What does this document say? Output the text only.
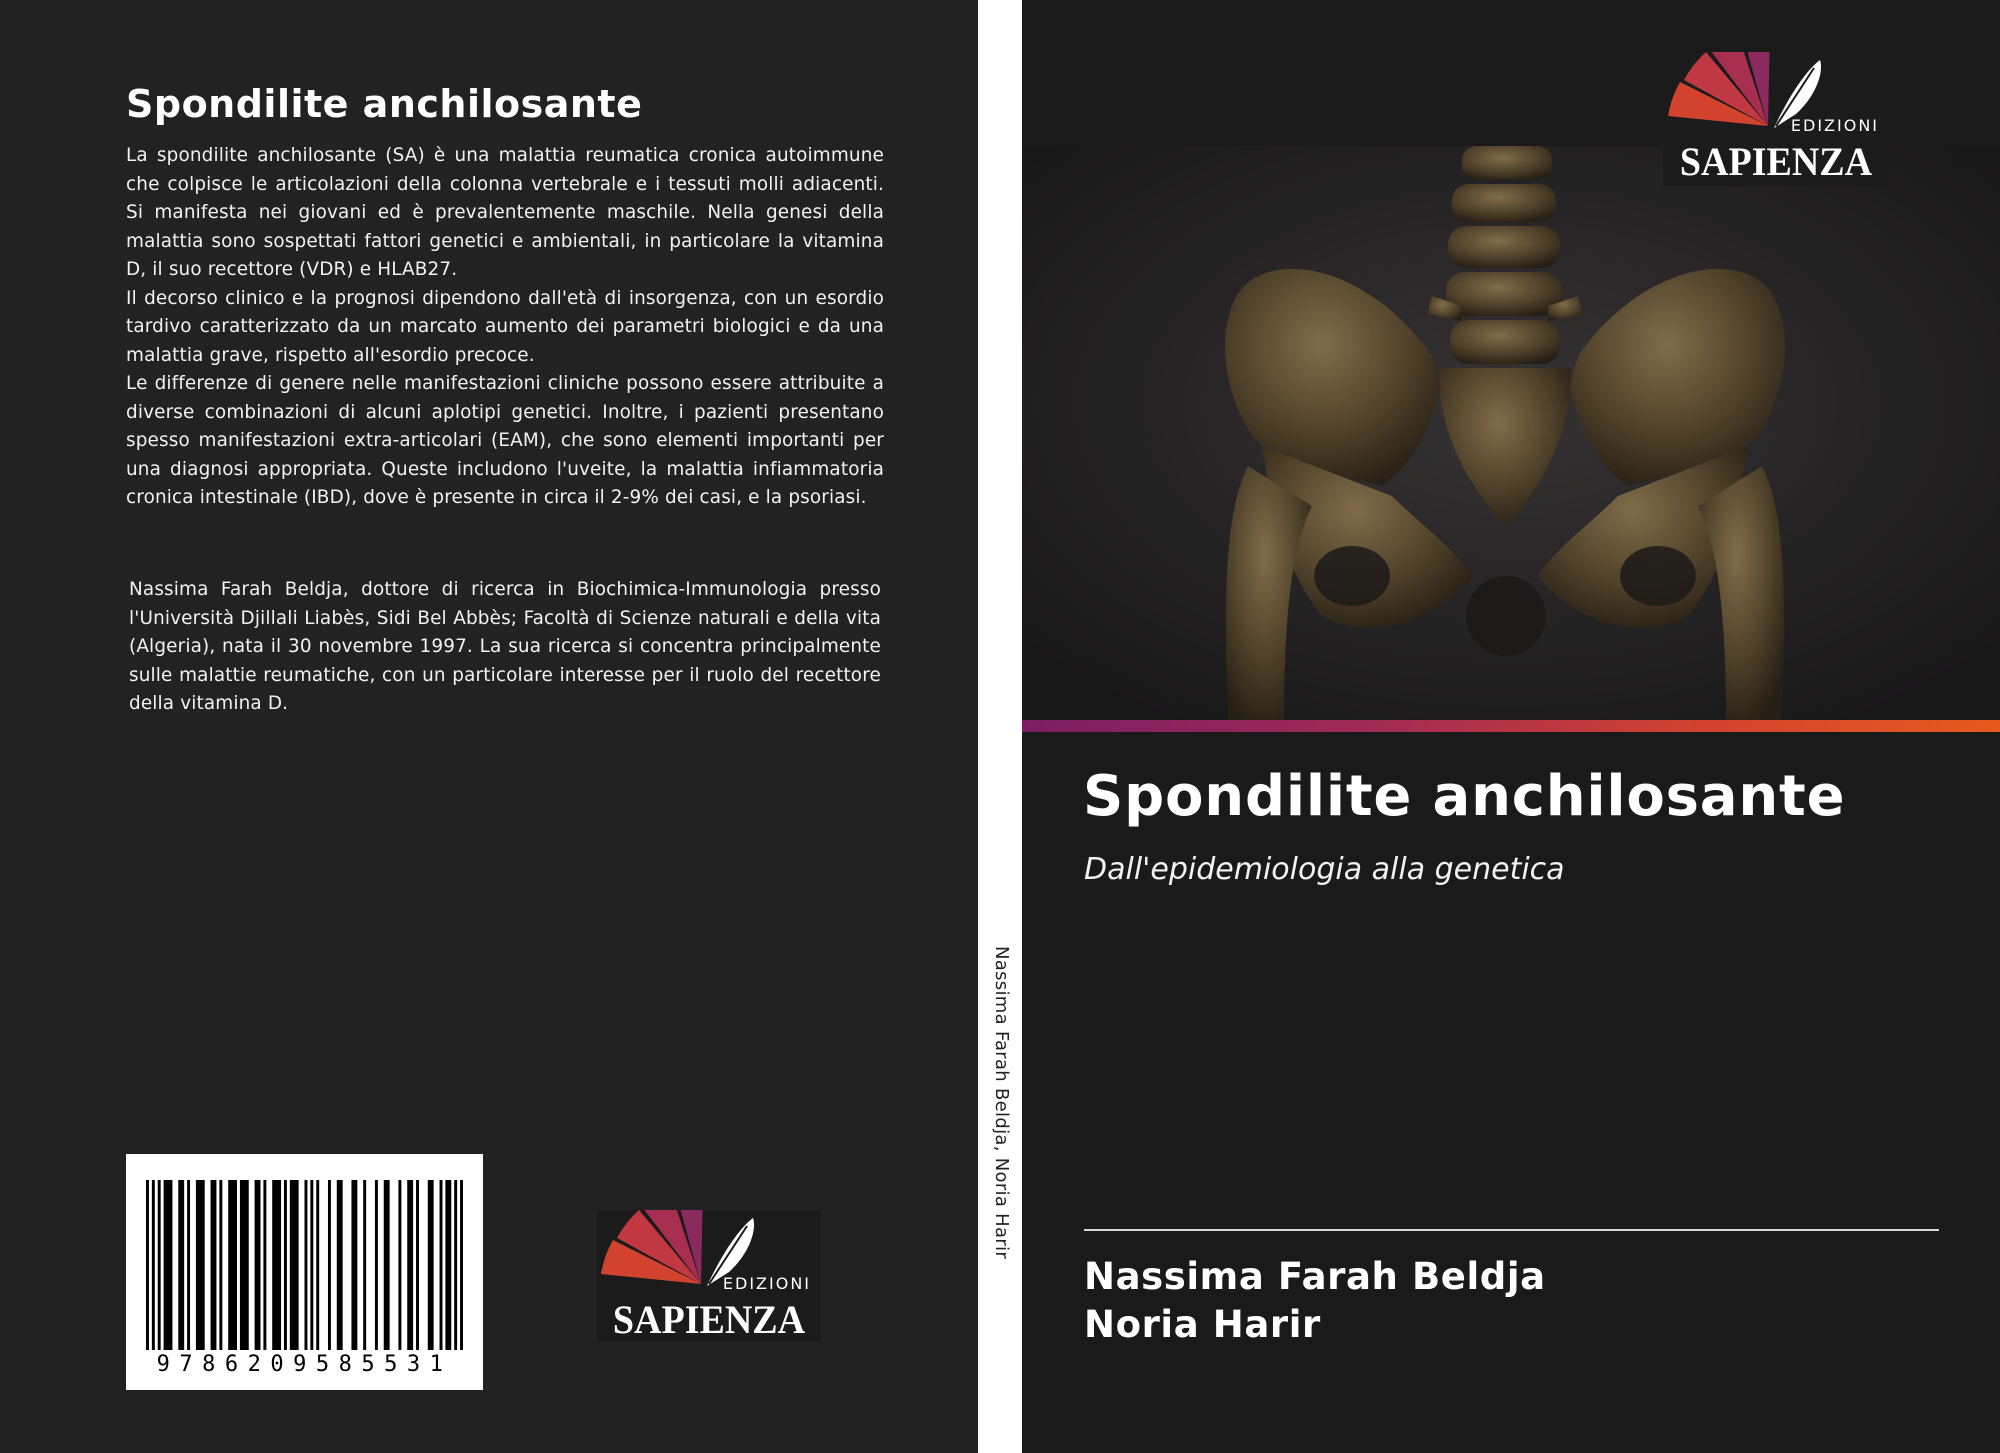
Spondilite anchilosante

La spondilite anchilosante (SA) è una malattia reumatica cronica autoimmune che colpisce le articolazioni della colonna vertebrale e i tessuti molli adiacenti. Si manifesta nei giovani ed è prevalentemente maschile. Nella genesi della malattia sono sospettati fattori genetici e ambientali, in particolare la vitamina D, il suo recettore (VDR) e HLAB27.

Il decorso clinico e la prognosi dipendono dall'età di insorgenza, con un esordio tardivo caratterizzato da un marcato aumento dei parametri biologici e da una malattia grave, rispetto all'esordio precoce.

Le differenze di genere nelle manifestazioni cliniche possono essere attribuite a diverse combinazioni di alcuni aplotipi genetici. Inoltre, i pazienti presentano spesso manifestazioni extra-articolari (EAM), che sono elementi importanti per una diagnosi appropriata. Queste includono l'uveite, la malattia infiammatoria cronica intestinale (IBD), dove è presente in circa il 2-9% dei casi, e la psoriasi.

Nassima Farah Beldja, dottore di ricerca in Biochimica-Immunologia presso l'Università Djillali Liabès, Sidi Bel Abbès; Facoltà di Scienze naturali e della vita (Algeria), nata il 30 novembre 1997. La sua ricerca si concentra principalmente sulle malattie reumatiche, con un particolare interesse per il ruolo del recettore della vitamina D.

9786209585531
EDIZIONI
SAPIENZA
Nassima Farah Beldja, Noria Harir
EDIZIONI
SAPIENZA
Spondilite anchilosante
Dall'epidemiologia alla genetica
Nassima Farah Beldja
Noria Harir
